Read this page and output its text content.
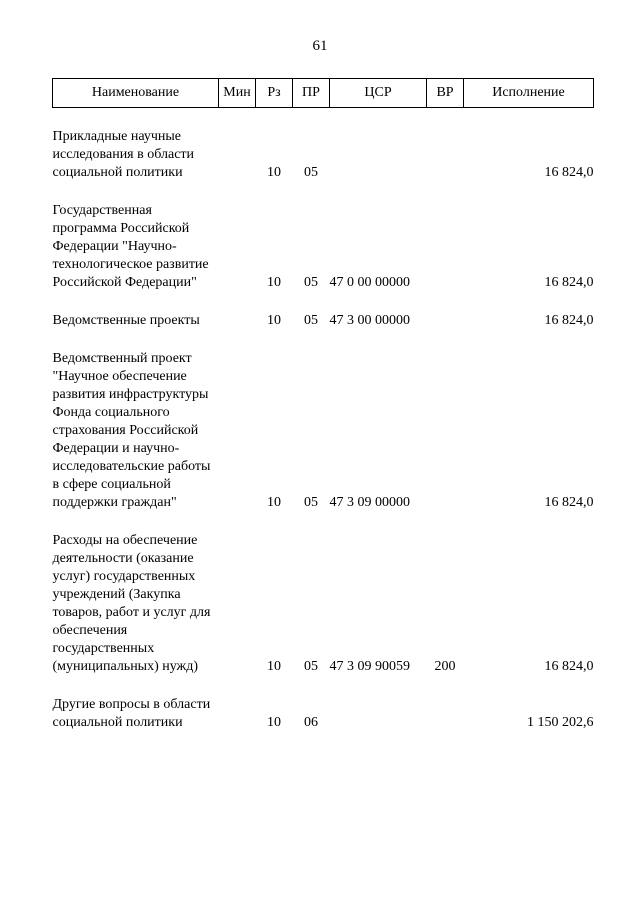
61
Наименование	Мин	Рз	ПР	ЦСР	ВР	Исполнение

Прикладные научные исследования в области социальной политики		10	05			16 824,0

Государственная программа Российской Федерации "Научно-технологическое развитие Российской Федерации"		10	05	47 0 00 00000		16 824,0

Ведомственные проекты		10	05	47 3 00 00000		16 824,0

Ведомственный проект "Научное обеспечение развития инфраструктуры Фонда социального страхования Российской Федерации и научно-исследовательские работы в сфере социальной поддержки граждан"		10	05	47 3 09 00000		16 824,0

Расходы на обеспечение деятельности (оказание услуг) государственных учреждений (Закупка товаров, работ и услуг для обеспечения государственных (муниципальных) нужд)		10	05	47 3 09 90059	200	16 824,0

Другие вопросы в области социальной политики		10	06			1 150 202,6
